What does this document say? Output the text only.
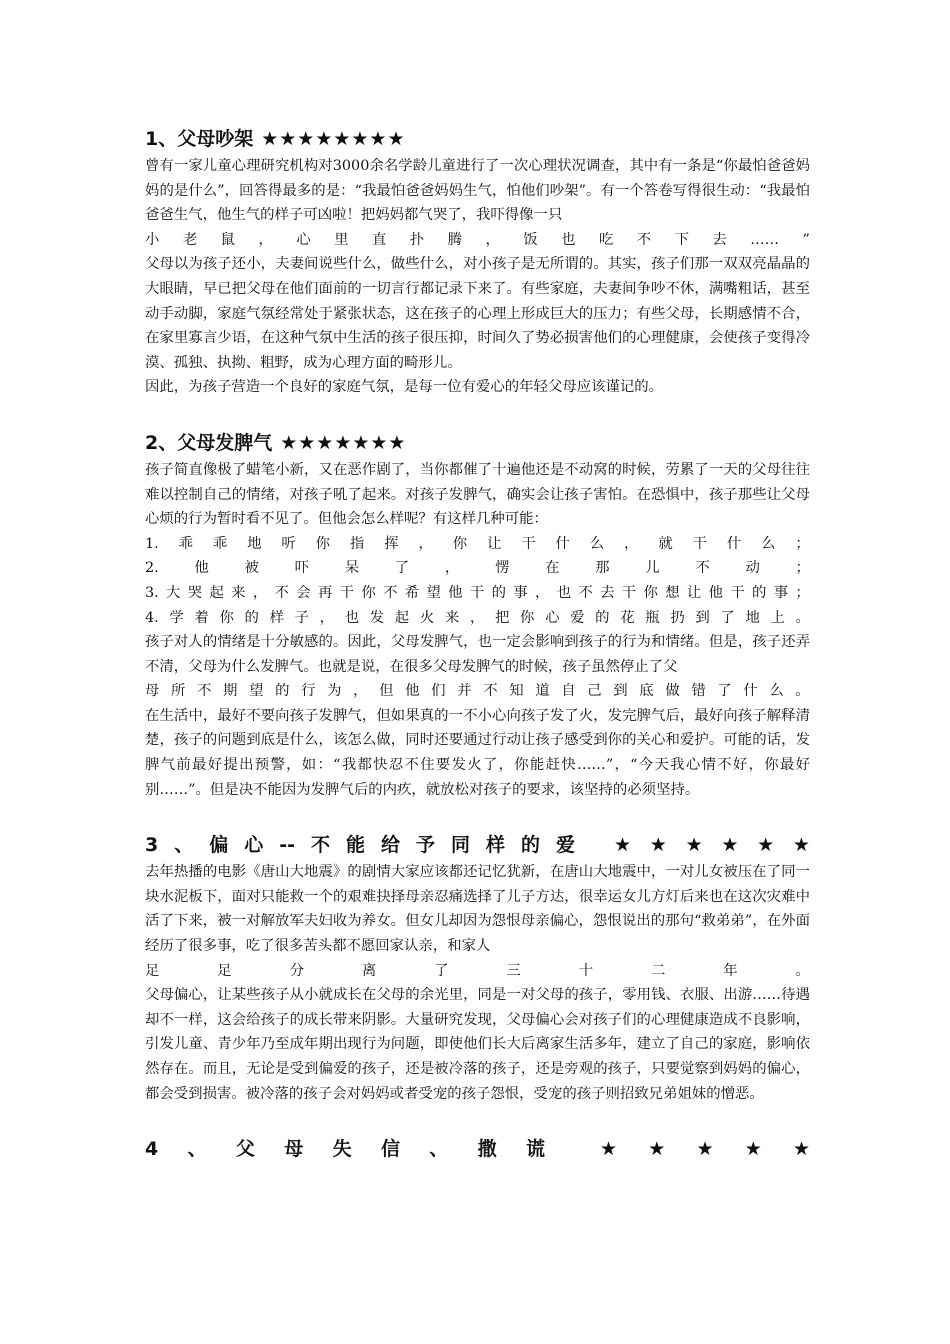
1、父母吵架 ★★★★★★★★

曾有一家儿童心理研究机构对3000余名学龄儿童进行了一次心理状况调查，其中有一条是“你最怕爸爸妈妈的是什么”，回答得最多的是：“我最怕爸爸妈妈生气，怕他们吵架”。有一个答卷写得很生动：“我最怕爸爸生气，他生气的样子可凶啦！把妈妈都气哭了，我吓得像一只

小 老 鼠 ， 心 里 直 扑 腾 ， 饭 也 吃 不 下 去 …… ”

父母以为孩子还小，夫妻间说些什么，做些什么，对小孩子是无所谓的。其实，孩子们那一双双亮晶晶的大眼睛，早已把父母在他们面前的一切言行都记录下来了。有些家庭，夫妻间争吵不休，满嘴粗话，甚至动手动脚，家庭气氛经常处于紧张状态，这在孩子的心理上形成巨大的压力；有些父母，长期感情不合，在家里寡言少语，在这种气氛中生活的孩子很压抑，时间久了势必损害他们的心理健康，会使孩子变得冷漠、孤独、执拗、粗野，成为心理方面的畸形儿。

因此，为孩子营造一个良好的家庭气氛，是每一位有爱心的年轻父母应该谨记的。

2、父母发脾气 ★★★★★★★

孩子简直像极了蜡笔小新，又在恶作剧了，当你都催了十遍他还是不动窝的时候，劳累了一天的父母往往难以控制自己的情绪，对孩子吼了起来。对孩子发脾气，确实会让孩子害怕。在恐惧中，孩子那些让父母心烦的行为暂时看不见了。但他会怎么样呢？有这样几种可能：

1. 乖 乖 地 听 你 指 挥 ， 你 让 干 什 么 ， 就 干 什 么 ；

2. 他 被 吓 呆 了 ， 愣 在 那 儿 不 动 ；

3. 大 哭 起 来 ， 不 会 再 干 你 不 希 望 他 干 的 事 ， 也 不 去 干 你 想 让 他 干 的 事 ；

4. 学 着 你 的 样 子 ， 也 发 起 火 来 ， 把 你 心 爱 的 花 瓶 扔 到 了 地 上 。

孩子对人的情绪是十分敏感的。因此，父母发脾气，也一定会影响到孩子的行为和情绪。但是，孩子还弄不清，父母为什么发脾气。也就是说，在很多父母发脾气的时候，孩子虽然停止了父

母 所 不 期 望 的 行 为 ， 但 他 们 并 不 知 道 自 己 到 底 做 错 了 什 么 。

在生活中，最好不要向孩子发脾气，但如果真的一不小心向孩子发了火，发完脾气后，最好向孩子解释清楚，孩子的问题到底是什么，该怎么做，同时还要通过行动让孩子感受到你的关心和爱护。可能的话，发脾气前最好提出预警，如：“我都快忍不住要发火了，你能赶快……”，“今天我心情不好，你最好别……”。但是决不能因为发脾气后的内疚，就放松对孩子的要求，该坚持的必须坚持。

3 、 偏 心 -- 不 能 给 予 同 样 的 爱 ★ ★ ★ ★ ★ ★

去年热播的电影《唐山大地震》的剧情大家应该都还记忆犹新，在唐山大地震中，一对儿女被压在了同一块水泥板下，面对只能救一个的艰难抉择母亲忍痛选择了儿子方达，很幸运女儿方灯后来也在这次灾难中活了下来，被一对解放军夫妇收为养女。但女儿却因为怨恨母亲偏心，怨恨说出的那句“救弟弟”，在外面经历了很多事，吃了很多苦头都不愿回家认亲，和家人

足	足	分	离	了	三	十	二	年	。

父母偏心，让某些孩子从小就成长在父母的余光里，同是一对父母的孩子，零用钱、衣服、出游……待遇却不一样，这会给孩子的成长带来阴影。大量研究发现，父母偏心会对孩子们的心理健康造成不良影响，引发儿童、青少年乃至成年期出现行为问题，即使他们长大后离家生活多年，建立了自己的家庭，影响依然存在。而且，无论是受到偏爱的孩子，还是被冷落的孩子，还是旁观的孩子，只要觉察到妈妈的偏心，都会受到损害。被冷落的孩子会对妈妈或者受宠的孩子怨恨，受宠的孩子则招致兄弟姐妹的憎恶。

4 、 父 母 失 信 、 撒 谎	★ ★ ★ ★ ★
